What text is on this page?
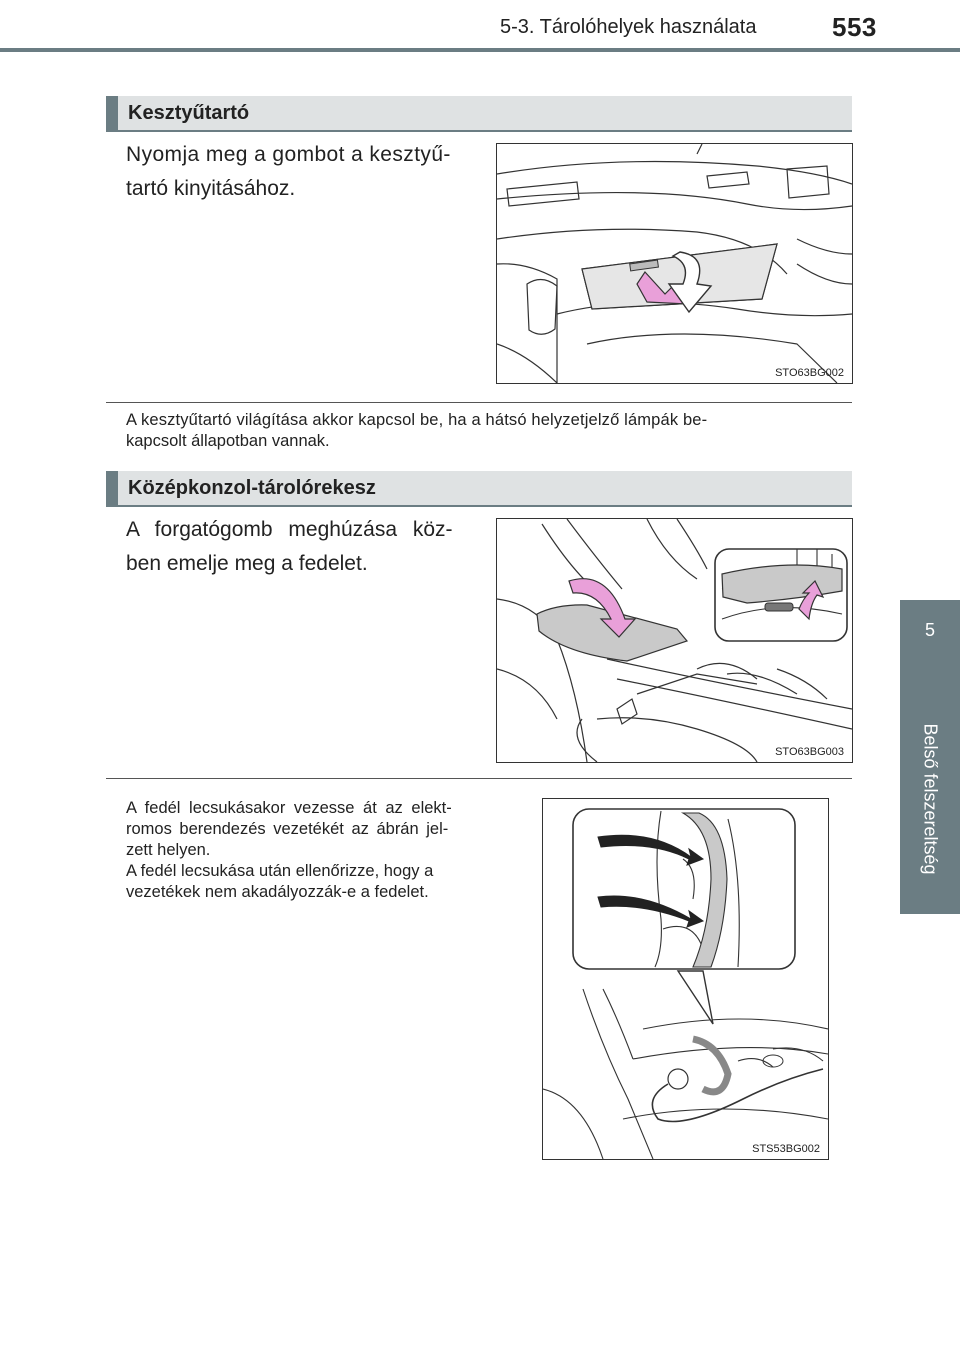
5-3. Tárolóhelyek használata	553
5
Belső felszereltség
Kesztyűtartó
Nyomja meg a gombot a kesztyű-
tartó kinyitásához.
STO63BG002
A kesztyűtartó világítása akkor kapcsol be, ha a hátsó helyzetjelző lámpák be-
kapcsolt állapotban vannak.
Középkonzol-tárolórekesz
A forgatógomb meghúzása köz-
ben emelje meg a fedelet.
STO63BG003
A fedél lecsukásakor vezesse át az elekt-
romos berendezés vezetékét az ábrán jel-
zett helyen.
A fedél lecsukása után ellenőrizze, hogy a
vezetékek nem akadályozzák-e a fedelet.
STS53BG002
